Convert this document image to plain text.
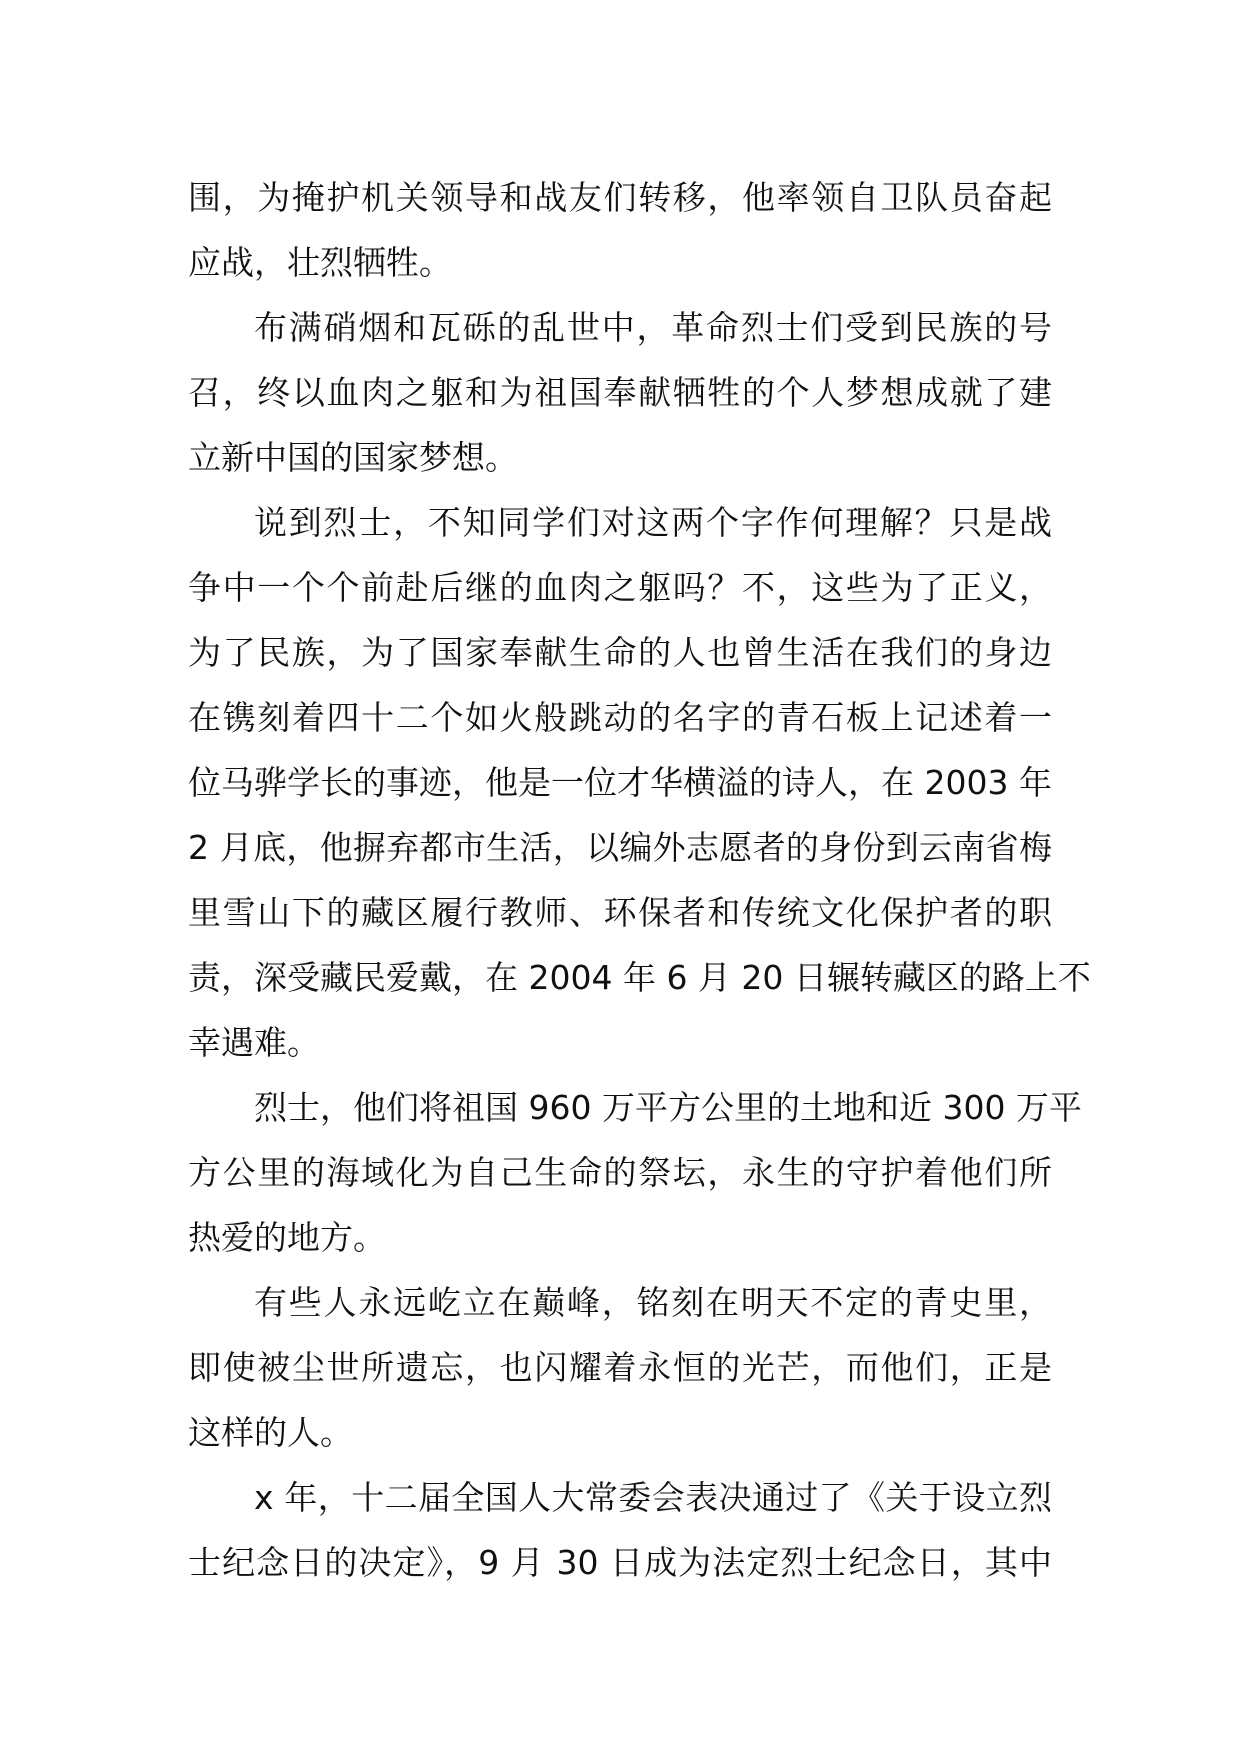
围，为掩护机关领导和战友们转移，他率领自卫队员奋起
应战，壮烈牺牲。
布满硝烟和瓦砾的乱世中，革命烈士们受到民族的号
召，终以血肉之躯和为祖国奉献牺牲的个人梦想成就了建
立新中国的国家梦想。
说到烈士，不知同学们对这两个字作何理解？只是战
争中一个个前赴后继的血肉之躯吗？不，这些为了正义，
为了民族，为了国家奉献生命的人也曾生活在我们的身边
在镌刻着四十二个如火般跳动的名字的青石板上记述着一
位马骅学长的事迹，他是一位才华横溢的诗人，在 2003 年
2 月底，他摒弃都市生活，以编外志愿者的身份到云南省梅
里雪山下的藏区履行教师、环保者和传统文化保护者的职
责，深受藏民爱戴，在 2004 年 6 月 20 日辗转藏区的路上不
幸遇难。
烈士，他们将祖国 960 万平方公里的土地和近 300 万平
方公里的海域化为自己生命的祭坛，永生的守护着他们所
热爱的地方。
有些人永远屹立在巅峰，铭刻在明天不定的青史里，
即使被尘世所遗忘，也闪耀着永恒的光芒，而他们，正是
这样的人。
x 年，十二届全国人大常委会表决通过了《关于设立烈
士纪念日的决定》，9 月 30 日成为法定烈士纪念日，其中
